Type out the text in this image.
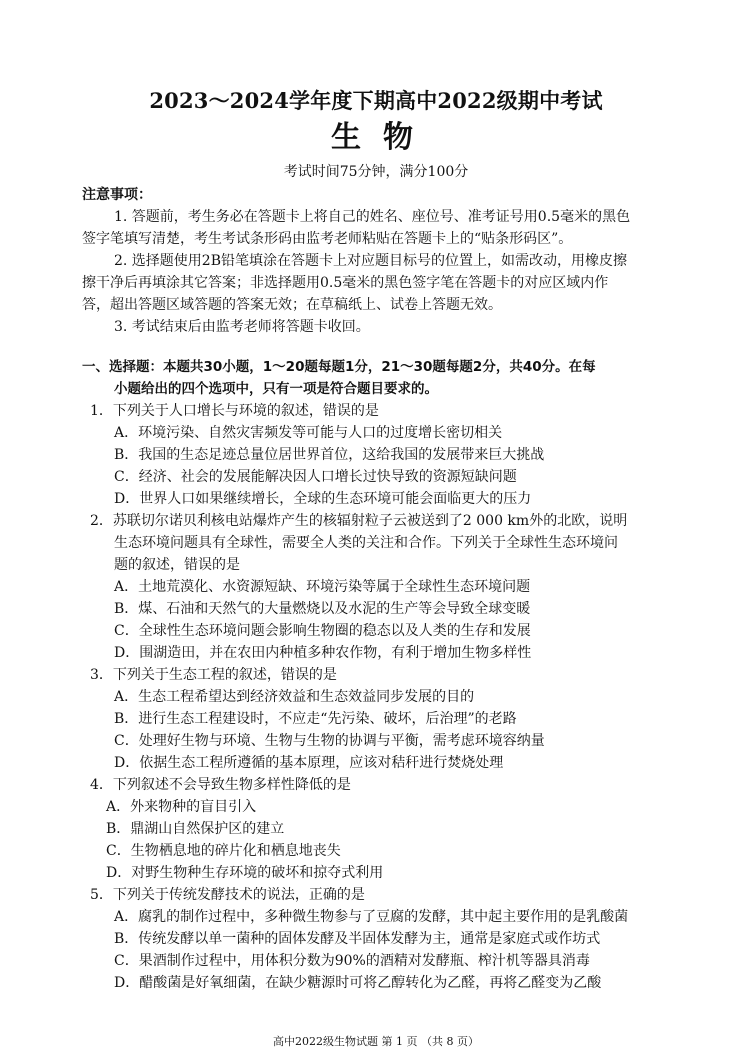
2023～2024学年度下期高中2022级期中考试
生物
考试时间75分钟，满分100分
注意事项：
1. 答题前，考生务必在答题卡上将自己的姓名、座位号、准考证号用0.5毫米的黑色
签字笔填写清楚，考生考试条形码由监考老师粘贴在答题卡上的“贴条形码区”。
2. 选择题使用2B铅笔填涂在答题卡上对应题目标号的位置上，如需改动，用橡皮擦
擦干净后再填涂其它答案；非选择题用0.5毫米的黑色签字笔在答题卡的对应区域内作
答，超出答题区域答题的答案无效；在草稿纸上、试卷上答题无效。
3. 考试结束后由监考老师将答题卡收回。
一、选择题：本题共30小题，1～20题每题1分，21～30题每题2分，共40分。在每
小题给出的四个选项中，只有一项是符合题目要求的。
1．下列关于人口增长与环境的叙述，错误的是
A．环境污染、自然灾害频发等可能与人口的过度增长密切相关
B．我国的生态足迹总量位居世界首位，这给我国的发展带来巨大挑战
C．经济、社会的发展能解决因人口增长过快导致的资源短缺问题
D．世界人口如果继续增长，全球的生态环境可能会面临更大的压力
2．苏联切尔诺贝利核电站爆炸产生的核辐射粒子云被送到了2 000 km外的北欧，说明
生态环境问题具有全球性，需要全人类的关注和合作。下列关于全球性生态环境问
题的叙述，错误的是
A．土地荒漠化、水资源短缺、环境污染等属于全球性生态环境问题
B．煤、石油和天然气的大量燃烧以及水泥的生产等会导致全球变暖
C．全球性生态环境问题会影响生物圈的稳态以及人类的生存和发展
D．围湖造田，并在农田内种植多种农作物，有利于增加生物多样性
3．下列关于生态工程的叙述，错误的是
A．生态工程希望达到经济效益和生态效益同步发展的目的
B．进行生态工程建设时，不应走“先污染、破坏，后治理”的老路
C．处理好生物与环境、生物与生物的协调与平衡，需考虑环境容纳量
D．依据生态工程所遵循的基本原理，应该对秸秆进行焚烧处理
4．下列叙述不会导致生物多样性降低的是
A．外来物种的盲目引入
B．鼎湖山自然保护区的建立
C．生物栖息地的碎片化和栖息地丧失
D．对野生物种生存环境的破坏和掠夺式利用
5．下列关于传统发酵技术的说法，正确的是
A．腐乳的制作过程中，多种微生物参与了豆腐的发酵，其中起主要作用的是乳酸菌
B．传统发酵以单一菌种的固体发酵及半固体发酵为主，通常是家庭式或作坊式
C．果酒制作过程中，用体积分数为90%的酒精对发酵瓶、榨汁机等器具消毒
D．醋酸菌是好氧细菌，在缺少糖源时可将乙醇转化为乙醛，再将乙醛变为乙酸
高中2022级生物试题 第 1 页 （共 8 页）
